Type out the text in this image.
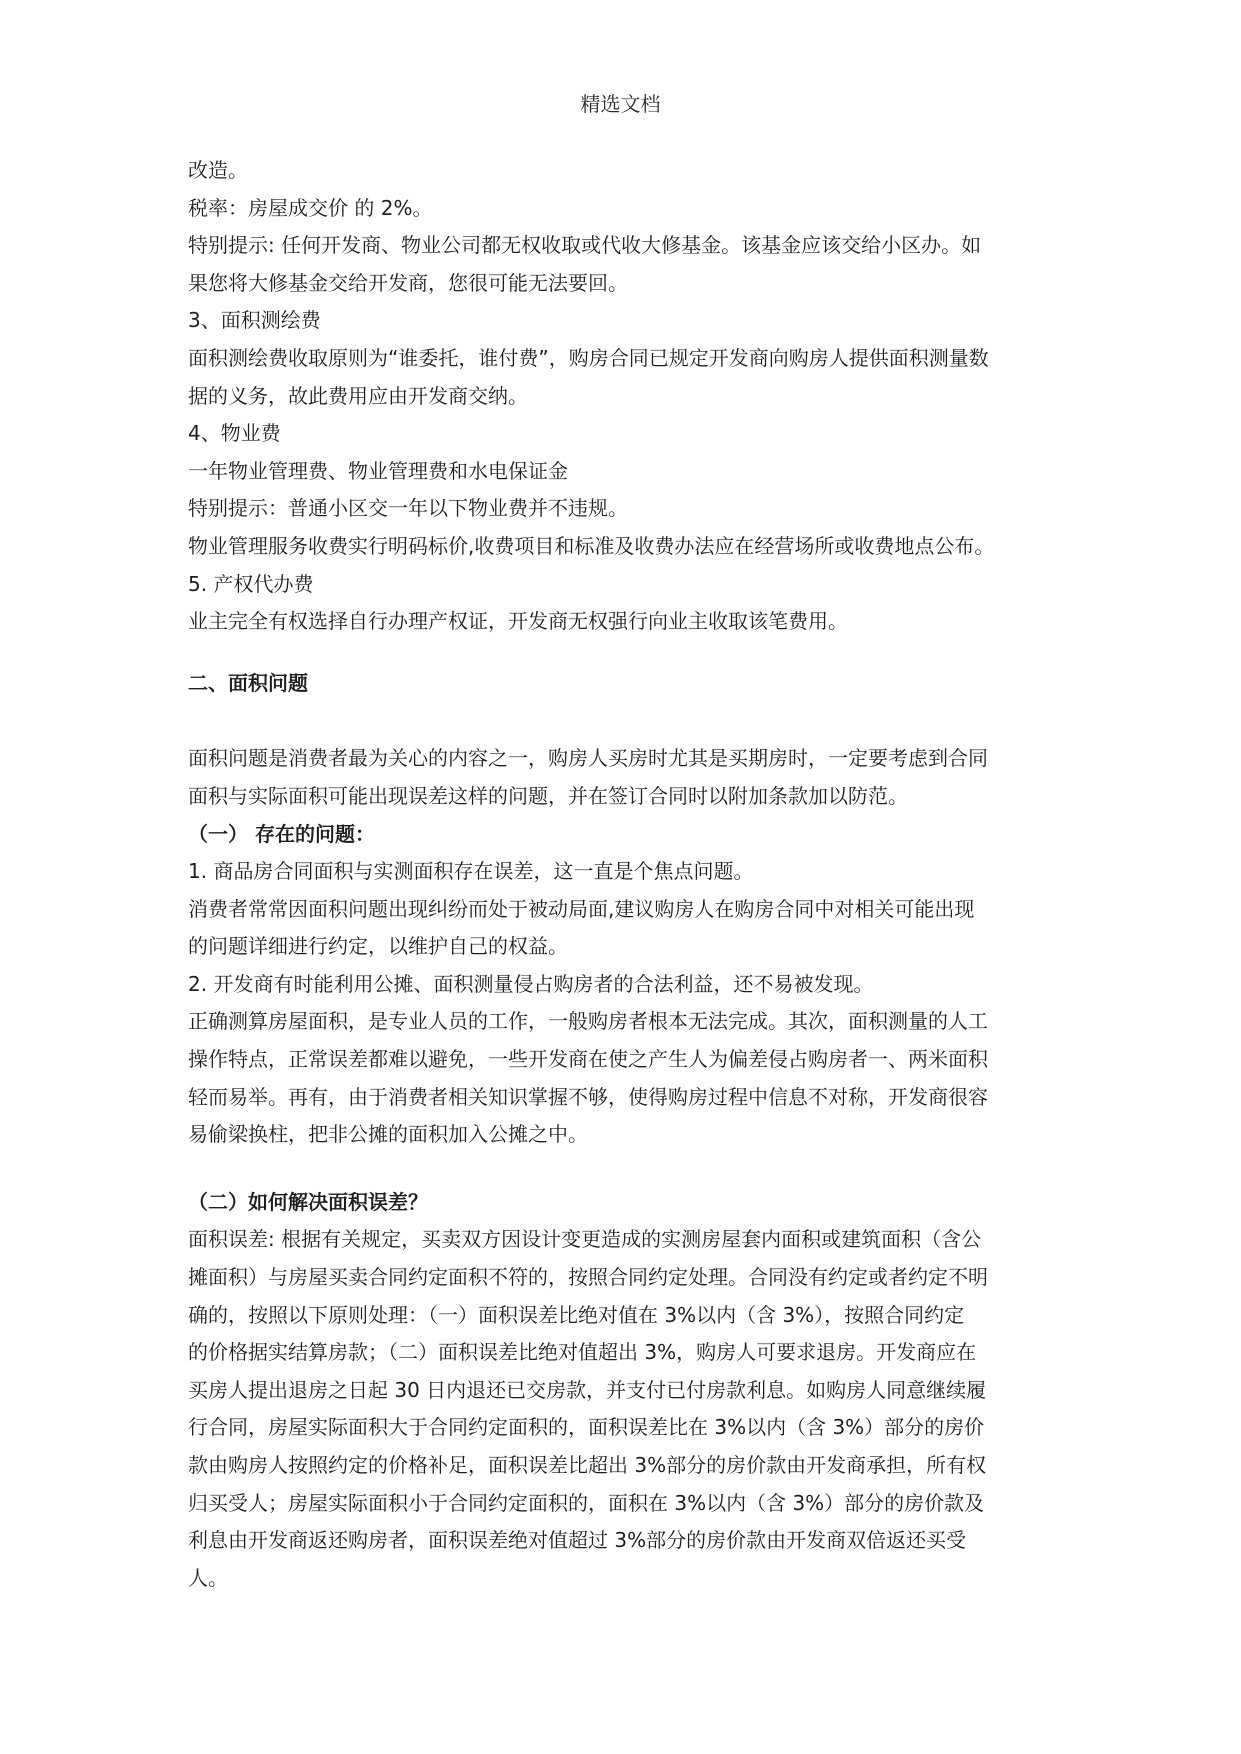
精选文档
改造。
税率：房屋成交价 的 2%。
特别提示: 任何开发商、物业公司都无权收取或代收大修基金。该基金应该交给小区办。如
果您将大修基金交给开发商，您很可能无法要回。
3、面积测绘费
面积测绘费收取原则为“谁委托，谁付费”，购房合同已规定开发商向购房人提供面积测量数
据的义务，故此费用应由开发商交纳。
4、物业费
一年物业管理费、物业管理费和水电保证金
特别提示：普通小区交一年以下物业费并不违规。
物业管理服务收费实行明码标价,收费项目和标准及收费办法应在经营场所或收费地点公布。
5. 产权代办费
业主完全有权选择自行办理产权证，开发商无权强行向业主收取该笔费用。
二、面积问题
面积问题是消费者最为关心的内容之一，购房人买房时尤其是买期房时，一定要考虑到合同
面积与实际面积可能出现误差这样的问题，并在签订合同时以附加条款加以防范。
（一） 存在的问题：
1. 商品房合同面积与实测面积存在误差，这一直是个焦点问题。
消费者常常因面积问题出现纠纷而处于被动局面,建议购房人在购房合同中对相关可能出现
的问题详细进行约定，以维护自己的权益。
2. 开发商有时能利用公摊、面积测量侵占购房者的合法利益，还不易被发现。
正确测算房屋面积，是专业人员的工作，一般购房者根本无法完成。其次，面积测量的人工
操作特点，正常误差都难以避免，一些开发商在使之产生人为偏差侵占购房者一、两米面积
轻而易举。再有，由于消费者相关知识掌握不够，使得购房过程中信息不对称，开发商很容
易偷梁换柱，把非公摊的面积加入公摊之中。
（二）如何解决面积误差？
面积误差: 根据有关规定，买卖双方因设计变更造成的实测房屋套内面积或建筑面积（含公
摊面积）与房屋买卖合同约定面积不符的，按照合同约定处理。合同没有约定或者约定不明
确的，按照以下原则处理：（一）面积误差比绝对值在 3%以内（含 3%），按照合同约定
的价格据实结算房款；（二）面积误差比绝对值超出 3%，购房人可要求退房。开发商应在
买房人提出退房之日起 30 日内退还已交房款，并支付已付房款利息。如购房人同意继续履
行合同，房屋实际面积大于合同约定面积的，面积误差比在 3%以内（含 3%）部分的房价
款由购房人按照约定的价格补足，面积误差比超出 3%部分的房价款由开发商承担，所有权
归买受人；房屋实际面积小于合同约定面积的，面积在 3%以内（含 3%）部分的房价款及
利息由开发商返还购房者，面积误差绝对值超过 3%部分的房价款由开发商双倍返还买受
人。
